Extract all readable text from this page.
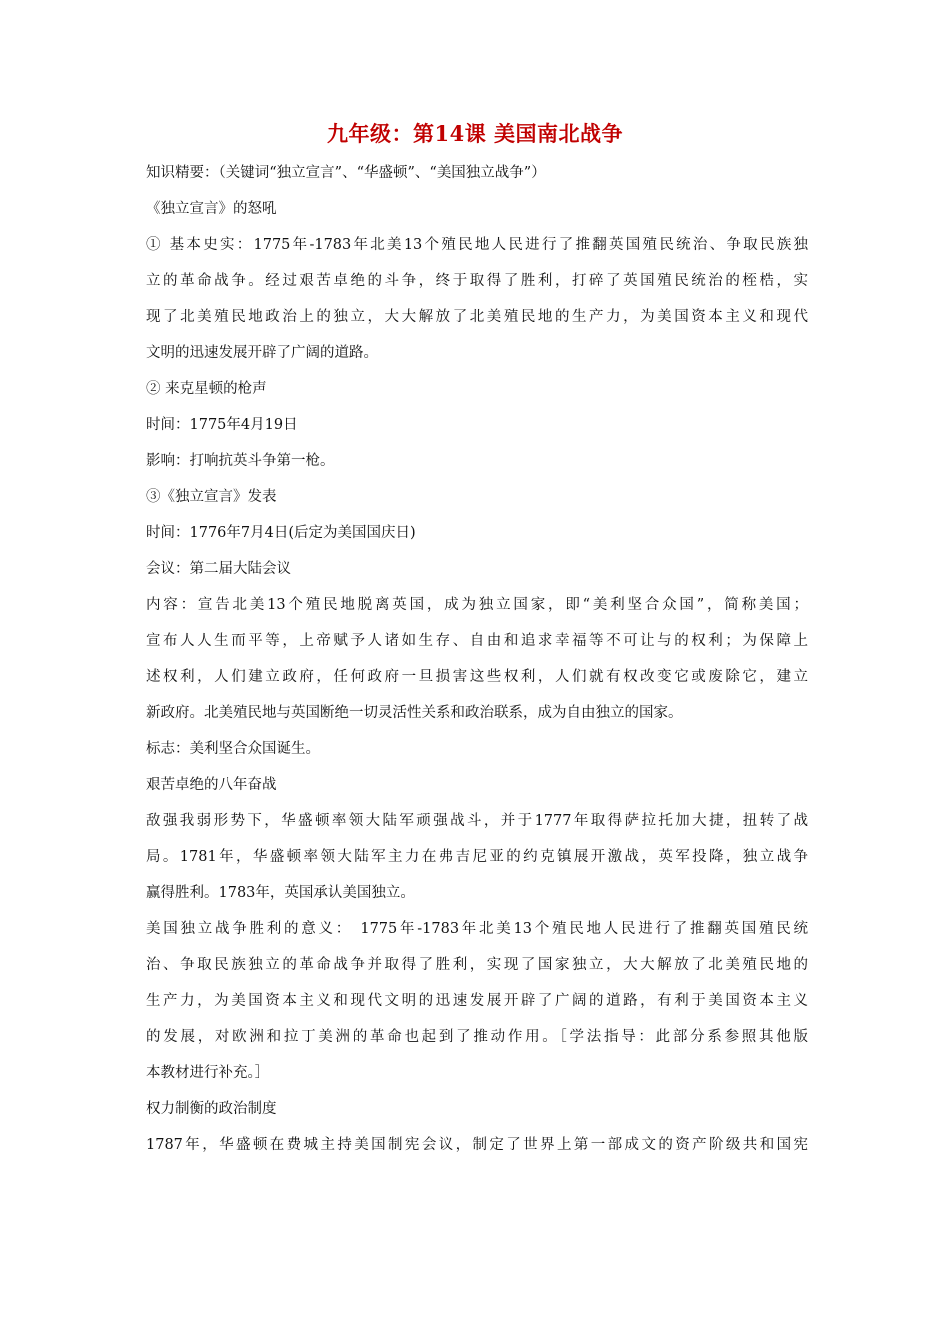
九年级：第14课 美国南北战争
知识精要：（关键词“独立宣言”、“华盛顿”、“美国独立战争”）
《独立宣言》的怒吼
① 基本史实：1775年-1783年北美13个殖民地人民进行了推翻英国殖民统治、争取民族独
立的革命战争。经过艰苦卓绝的斗争，终于取得了胜利，打碎了英国殖民统治的桎梏，实
现了北美殖民地政治上的独立，大大解放了北美殖民地的生产力，为美国资本主义和现代
文明的迅速发展开辟了广阔的道路。
② 来克星顿的枪声
时间：1775年4月19日
影响：打响抗英斗争第一枪。
③《独立宣言》发表
时间：1776年7月4日(后定为美国国庆日)
会议：第二届大陆会议
内容：宣告北美13个殖民地脱离英国，成为独立国家，即“美利坚合众国”，简称美国；
宣布人人生而平等，上帝赋予人诸如生存、自由和追求幸福等不可让与的权利；为保障上
述权利，人们建立政府，任何政府一旦损害这些权利，人们就有权改变它或废除它，建立
新政府。北美殖民地与英国断绝一切灵活性关系和政治联系，成为自由独立的国家。
标志：美利坚合众国诞生。
艰苦卓绝的八年奋战
敌强我弱形势下，华盛顿率领大陆军顽强战斗，并于1777年取得萨拉托加大捷，扭转了战
局。1781年，华盛顿率领大陆军主力在弗吉尼亚的约克镇展开激战，英军投降，独立战争
赢得胜利。1783年，英国承认美国独立。
美国独立战争胜利的意义： 1775年-1783年北美13个殖民地人民进行了推翻英国殖民统
治、争取民族独立的革命战争并取得了胜利，实现了国家独立，大大解放了北美殖民地的
生产力，为美国资本主义和现代文明的迅速发展开辟了广阔的道路，有利于美国资本主义
的发展，对欧洲和拉丁美洲的革命也起到了推动作用。［学法指导：此部分系参照其他版
本教材进行补充。］
权力制衡的政治制度
1787年，华盛顿在费城主持美国制宪会议，制定了世界上第一部成文的资产阶级共和国宪
